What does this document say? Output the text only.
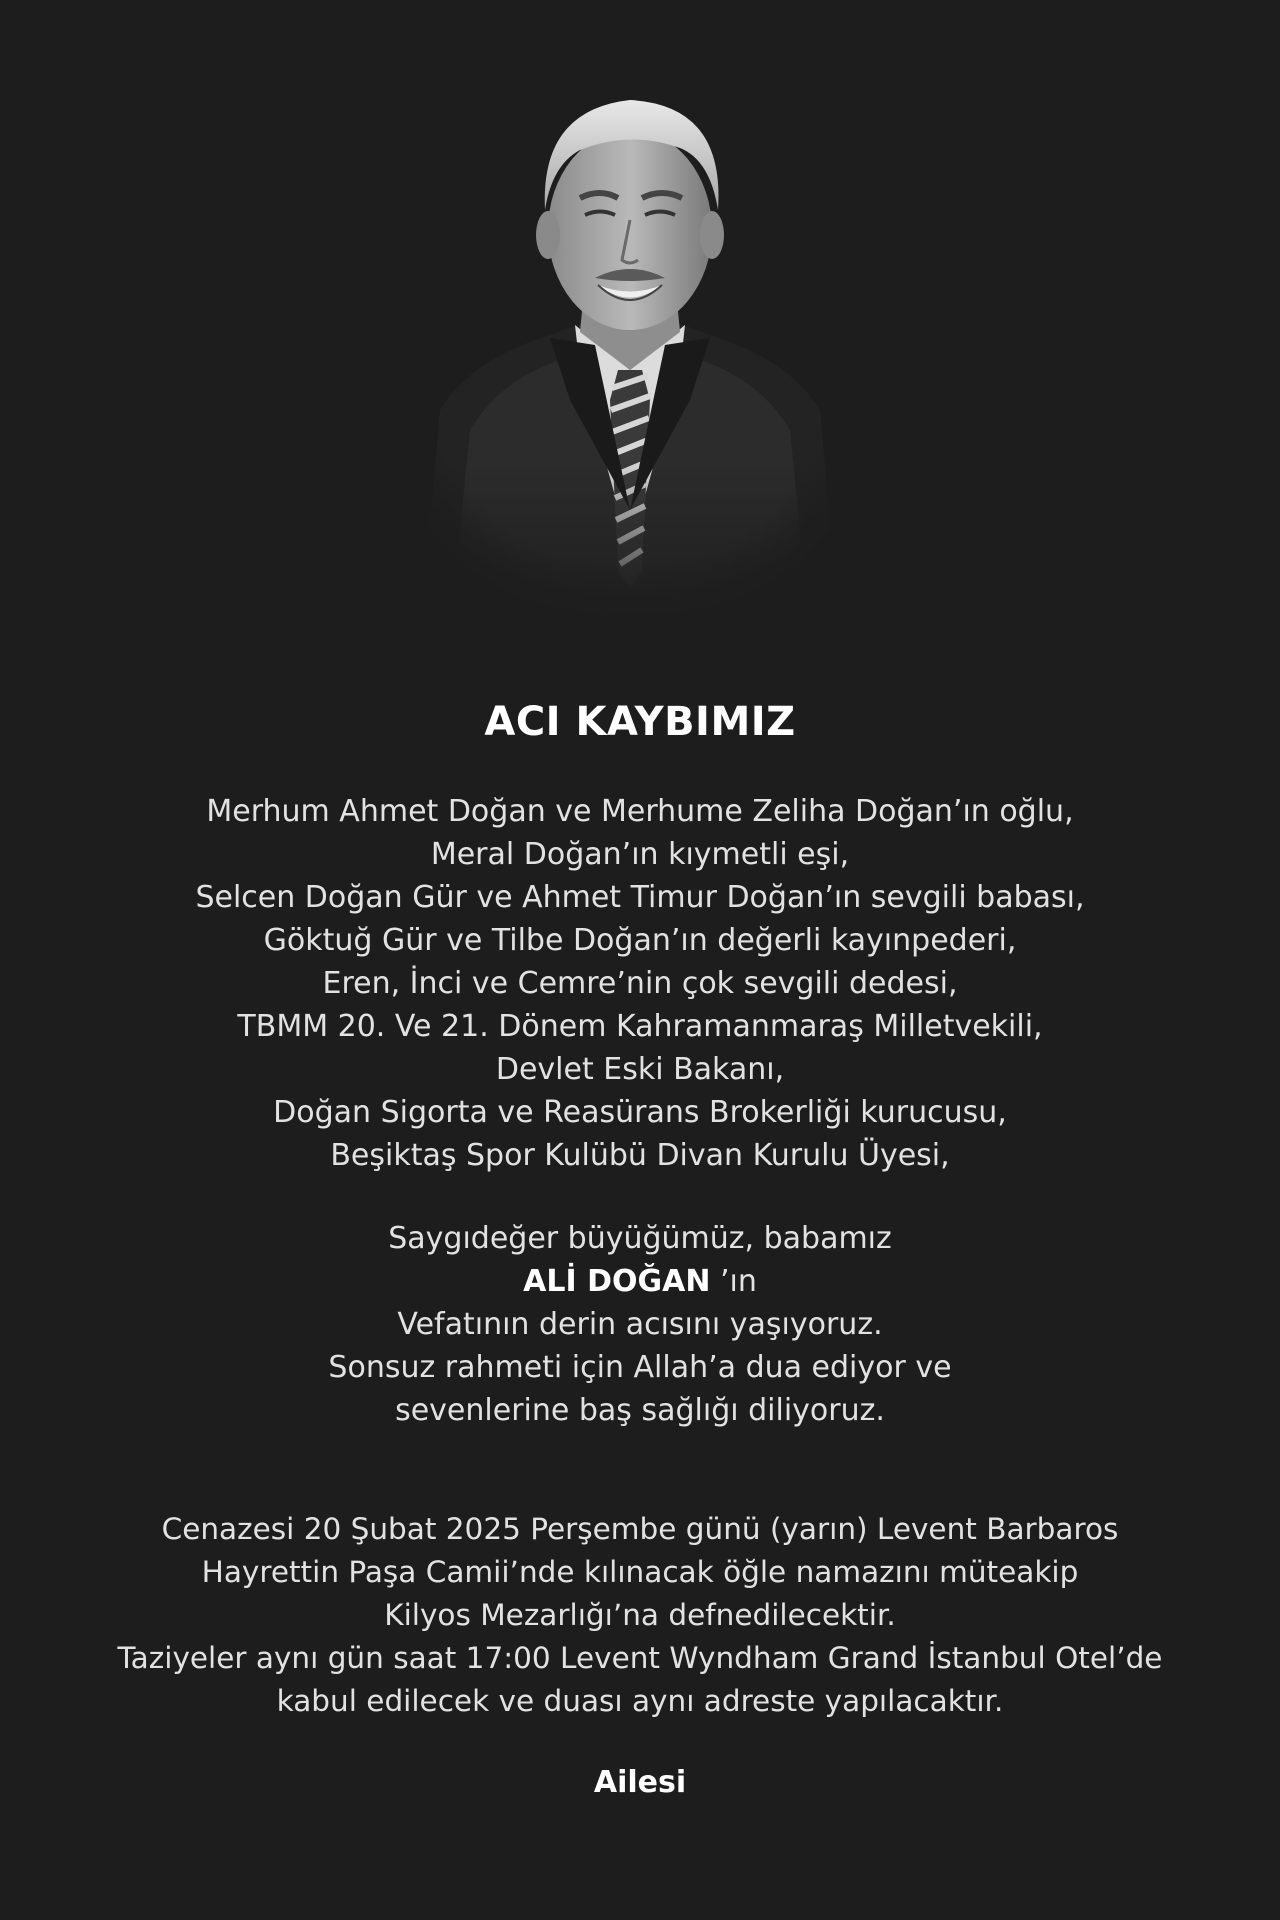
ACI KAYBIMIZ
Merhum Ahmet Doğan ve Merhume Zeliha Doğan’ın oğlu,
Meral Doğan’ın kıymetli eşi,
Selcen Doğan Gür ve Ahmet Timur Doğan’ın sevgili babası,
Göktuğ Gür ve Tilbe Doğan’ın değerli kayınpederi,
Eren, İnci ve Cemre’nin çok sevgili dedesi,
TBMM 20. Ve 21. Dönem Kahramanmaraş Milletvekili,
Devlet Eski Bakanı,
Doğan Sigorta ve Reasürans Brokerliği kurucusu,
Beşiktaş Spor Kulübü Divan Kurulu Üyesi,
Saygıdeğer büyüğümüz, babamız
ALİ DOĞAN ’ın
Vefatının derin acısını yaşıyoruz.
Sonsuz rahmeti için Allah’a dua ediyor ve
sevenlerine baş sağlığı diliyoruz.
Cenazesi 20 Şubat 2025 Perşembe günü (yarın) Levent Barbaros
Hayrettin Paşa Camii’nde kılınacak öğle namazını müteakip
Kilyos Mezarlığı’na defnedilecektir.
Taziyeler aynı gün saat 17:00 Levent Wyndham Grand İstanbul Otel’de
kabul edilecek ve duası aynı adreste yapılacaktır.
Ailesi
